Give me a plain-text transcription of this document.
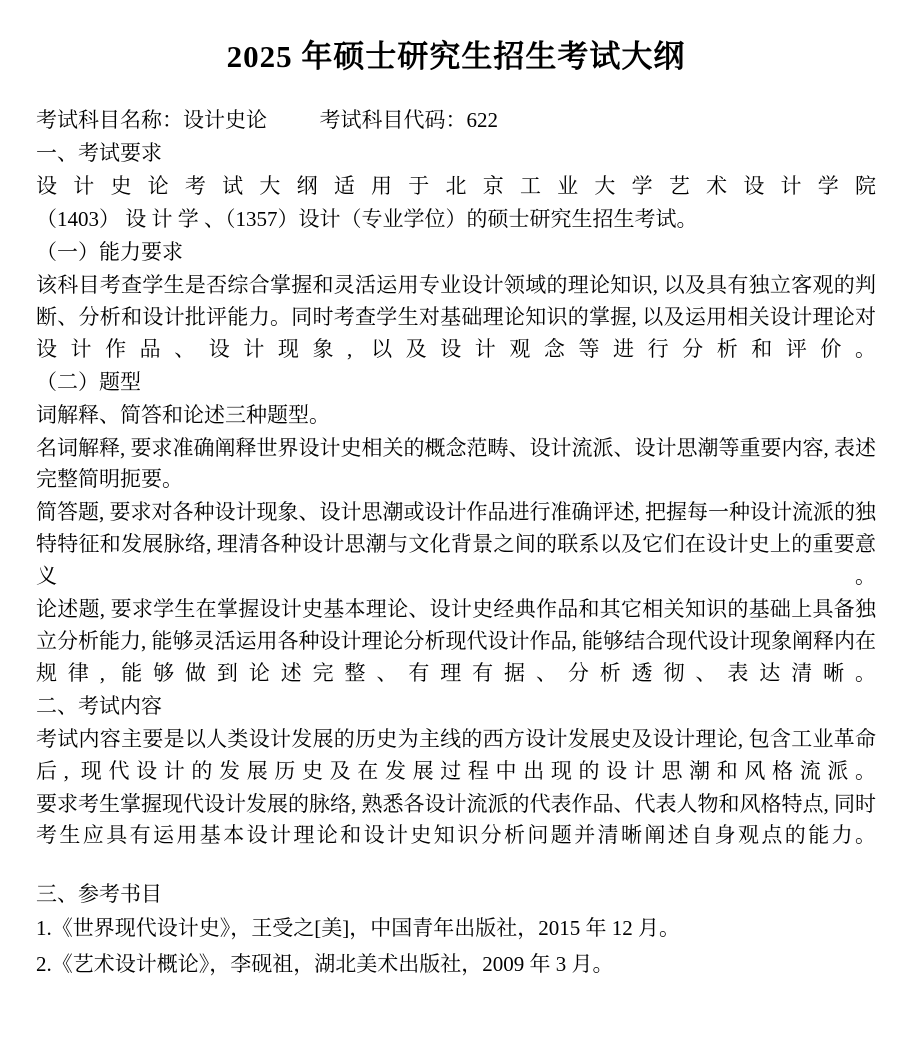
2025 年硕士研究生招生考试大纲
考试科目名称：设计史论          考试科目代码：622

一、考试要求

设 计 史 论 考 试 大 纲 适 用 于 北 京 工 业 大 学 艺 术 设 计 学 院

（1403） 设 计 学 、（1357）设计（专业学位）的硕士研究生招生考试。

（一）能力要求

该科目考查学生是否综合掌握和灵活运用专业设计领域的理论知识, 以及具有独立客观的判断、分析和设计批评能力。同时考查学生对基础理论知识的掌握, 以及运用相关设计理论对设计作品、设计现象, 以及设计观念等进行分析和评价。

（二）题型

词解释、简答和论述三种题型。

名词解释, 要求准确阐释世界设计史相关的概念范畴、设计流派、设计思潮等重要内容, 表述完整简明扼要。

简答题, 要求对各种设计现象、设计思潮或设计作品进行准确评述, 把握每一种设计流派的独特特征和发展脉络, 理清各种设计思潮与文化背景之间的联系以及它们在设计史上的重要意义。

论述题, 要求学生在掌握设计史基本理论、设计史经典作品和其它相关知识的基础上具备独立分析能力, 能够灵活运用各种设计理论分析现代设计作品, 能够结合现代设计现象阐释内在规律, 能够做到论述完整、有理有据、分析透彻、表达清晰。

二、考试内容

考试内容主要是以人类设计发展的历史为主线的西方设计发展史及设计理论, 包含工业革命后, 现代设计的发展历史及在发展过程中出现的设计思潮和风格流派。

要求考生掌握现代设计发展的脉络, 熟悉各设计流派的代表作品、代表人物和风格特点, 同时考生应具有运用基本设计理论和设计史知识分析问题并清晰阐述自身观点的能力。

三、参考书目

1.《世界现代设计史》，王受之[美]，中国青年出版社，2015 年 12 月。

2.《艺术设计概论》，李砚祖，湖北美术出版社，2009 年 3 月。
